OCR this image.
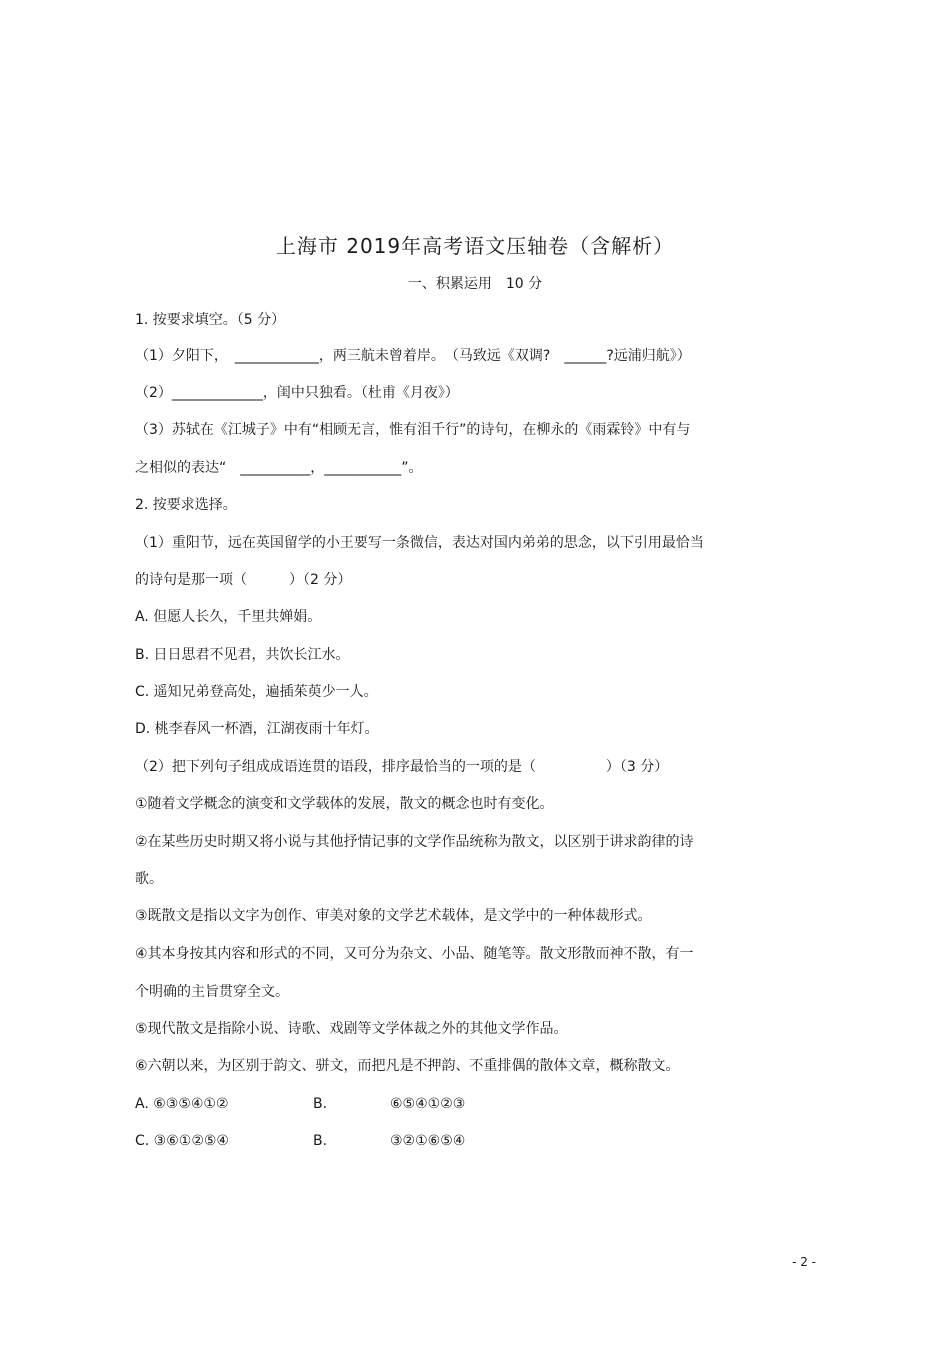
上海市 2019年高考语文压轴卷（含解析）
一、积累运用　10 分
1. 按要求填空。（5 分）
（1）夕阳下，　____________，两三航未曾着岸。　（马致远《双调?　______?远浦归航》）
（2）_____________，闺中只独看。（杜甫《月夜》）
（3）苏轼在《江城子》中有“相顾无言，惟有泪千行”的诗句，在柳永的《雨霖铃》中有与
之相似的表达“　__________，___________”。
2. 按要求选择。
（1）重阳节，远在英国留学的小王要写一条微信，表达对国内弟弟的思念，以下引用最恰当
的诗句是那一项（　　　）（2 分）
A. 但愿人长久，千里共婵娟。
B. 日日思君不见君，共饮长江水。
C. 遥知兄弟登高处，遍插茱萸少一人。
D. 桃李春风一杯酒，江湖夜雨十年灯。
（2）把下列句子组成成语连贯的语段，排序最恰当的一项的是（　　　　　）（3 分）
①随着文学概念的演变和文学载体的发展，散文的概念也时有变化。
②在某些历史时期又将小说与其他抒情记事的文学作品统称为散文，以区别于讲求韵律的诗
歌。
③既散文是指以文字为创作、审美对象的文学艺术载体，是文学中的一种体裁形式。
④其本身按其内容和形式的不同，又可分为杂文、小品、随笔等。散文形散而神不散，有一
个明确的主旨贯穿全文。
⑤现代散文是指除小说、诗歌、戏剧等文学体裁之外的其他文学作品。
⑥六朝以来，为区别于韵文、骈文，而把凡是不押韵、不重排偶的散体文章，概称散文。
A. ⑥③⑤④①②	B.	⑥⑤④①②③
C. ③⑥①②⑤④	B.	③②①⑥⑤④
- 2 -
